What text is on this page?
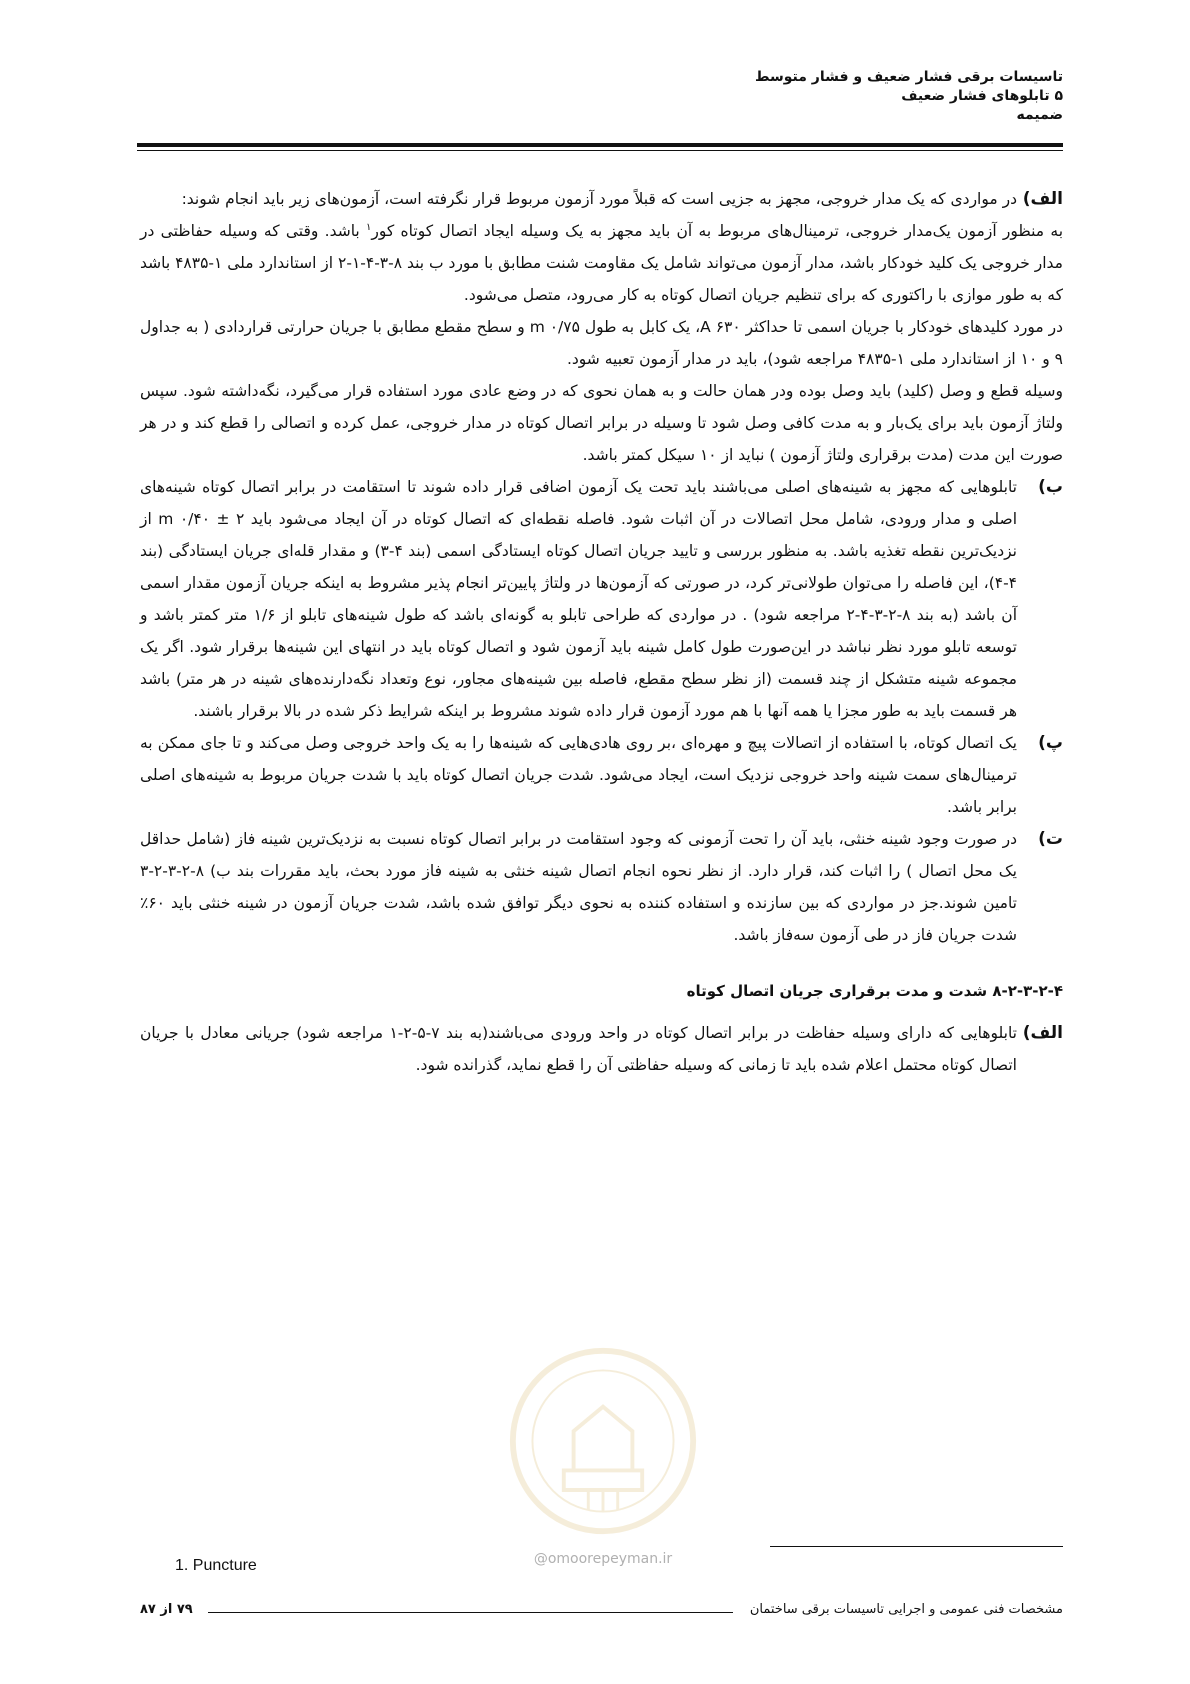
تاسیسات برقی فشار ضعیف و فشار متوسط
۵ تابلوهای فشار ضعیف
ضمیمه
الف)

در مواردی که یک مدار خروجی، مجهز به جزیی است که قبلاً مورد آزمون مربوط قرار نگرفته است، آزمون‌های زیر باید انجام شوند:

به منظور آزمون یک‌مدار خروجی، ترمینال‌های مربوط به آن باید مجهز به یک وسیله ایجاد اتصال کوتاه کور$^۱$ باشد. وقتی که وسیله حفاظتی در مدار خروجی یک کلید خودکار باشد، مدار آزمون می‌تواند شامل یک مقاومت شنت مطابق با مورد ب بند ۸-۳-۴-۱-۲ از استاندارد ملی ۱-۴۸۳۵ باشد که به طور موازی با راکتوری که برای تنظیم جریان اتصال کوتاه به کار می‌رود، متصل می‌شود.

در مورد کلیدهای خودکار با جریان اسمی تا حداکثر A ۶۳۰، یک کابل به طول m ۰/۷۵ و سطح مقطع مطابق با جریان حرارتی قراردادی ( به جداول ۹ و ۱۰ از استاندارد ملی ۱-۴۸۳۵ مراجعه شود)، باید در مدار آزمون تعبیه شود.

وسیله قطع و وصل (کلید) باید وصل بوده ودر همان حالت و به همان نحوی که در وضع عادی مورد استفاده قرار می‌گیرد، نگه‌داشته شود. سپس ولتاژ آزمون باید برای یک‌بار و به مدت کافی وصل شود تا وسیله در برابر اتصال کوتاه در مدار خروجی، عمل کرده و اتصالی را قطع کند و در هر صورت این مدت (مدت برقراری ولتاژ آزمون ) نباید از ۱۰ سیکل کمتر باشد.

ب)

تابلوهایی که مجهز به شینه‌های اصلی می‌باشند باید تحت یک آزمون اضافی قرار داده شوند تا استقامت در برابر اتصال کوتاه شینه‌های اصلی و مدار ورودی، شامل محل اتصالات در آن اثبات شود. فاصله نقطه‌ای که اتصال کوتاه در آن ایجاد می‌شود باید m ۰/۴۰ ± ۲ از نزدیک‌ترین نقطه تغذیه باشد. به منظور بررسی و تایید جریان اتصال کوتاه ایستادگی اسمی (بند ۴-۳) و مقدار قله‌ای جریان ایستادگی (بند ۴-۴)، این فاصله را می‌توان طولانی‌تر کرد، در صورتی که آزمون‌ها در ولتاژ پایین‌تر انجام پذیر مشروط به اینکه جریان آزمون مقدار اسمی آن باشد (به بند ۸-۲-۳-۴-۲ مراجعه شود) . در مواردی که طراحی تابلو به گونه‌ای باشد که طول شینه‌های تابلو از ۱/۶ متر کمتر باشد و توسعه تابلو مورد نظر نباشد در این‌صورت طول کامل شینه باید آزمون شود و اتصال کوتاه باید در انتهای این شینه‌ها برقرار شود. اگر یک مجموعه شینه متشکل از چند قسمت (از نظر سطح مقطع، فاصله بین شینه‌های مجاور، نوع وتعداد نگه‌دارنده‌های شینه در هر متر) باشد هر قسمت باید به طور مجزا یا همه آنها با هم مورد آزمون قرار داده شوند مشروط بر اینکه شرایط ذکر شده در بالا برقرار باشند.

پ)

یک اتصال کوتاه، با استفاده از اتصالات پیچ و مهره‌ای ،بر روی هادی‌هایی که شینه‌ها را به یک واحد خروجی وصل می‌کند و تا جای ممکن به ترمینال‌های سمت شینه واحد خروجی نزدیک است، ایجاد می‌شود. شدت جریان اتصال کوتاه باید با شدت جریان مربوط به شینه‌های اصلی برابر باشد.

ت)

در صورت وجود شینه خنثی، باید آن را تحت آزمونی که وجود استقامت در برابر اتصال کوتاه نسبت به نزدیک‌ترین شینه فاز (شامل حداقل یک محل اتصال ) را اثبات کند، قرار دارد. از نظر نحوه انجام اتصال شینه خنثی به شینه فاز مورد بحث، باید مقررات بند ب) ۸-۲-۳-۲-۳ تامین شوند.جز در مواردی که بین سازنده و استفاده کننده به نحوی دیگر توافق شده باشد، شدت جریان آزمون در شینه خنثی باید ۶۰٪ شدت جریان فاز در طی آزمون سه‌فاز باشد.

۸-۲-۳-۲-۴ شدت و مدت برقراری جریان اتصال کوتاه
الف)

تابلوهایی که دارای وسیله حفاظت در برابر اتصال کوتاه در واحد ورودی می‌باشند(به بند ۷-۵-۲-۱ مراجعه شود) جریانی معادل با جریان اتصال کوتاه محتمل اعلام شده باید تا زمانی که وسیله حفاظتی آن را قطع نماید، گذرانده شود.

@omoorepeyman.ir
1. Puncture
مشخصات فنی عمومی و اجرایی تاسیسات برقی ساختمان
۷۹ از ۸۷
